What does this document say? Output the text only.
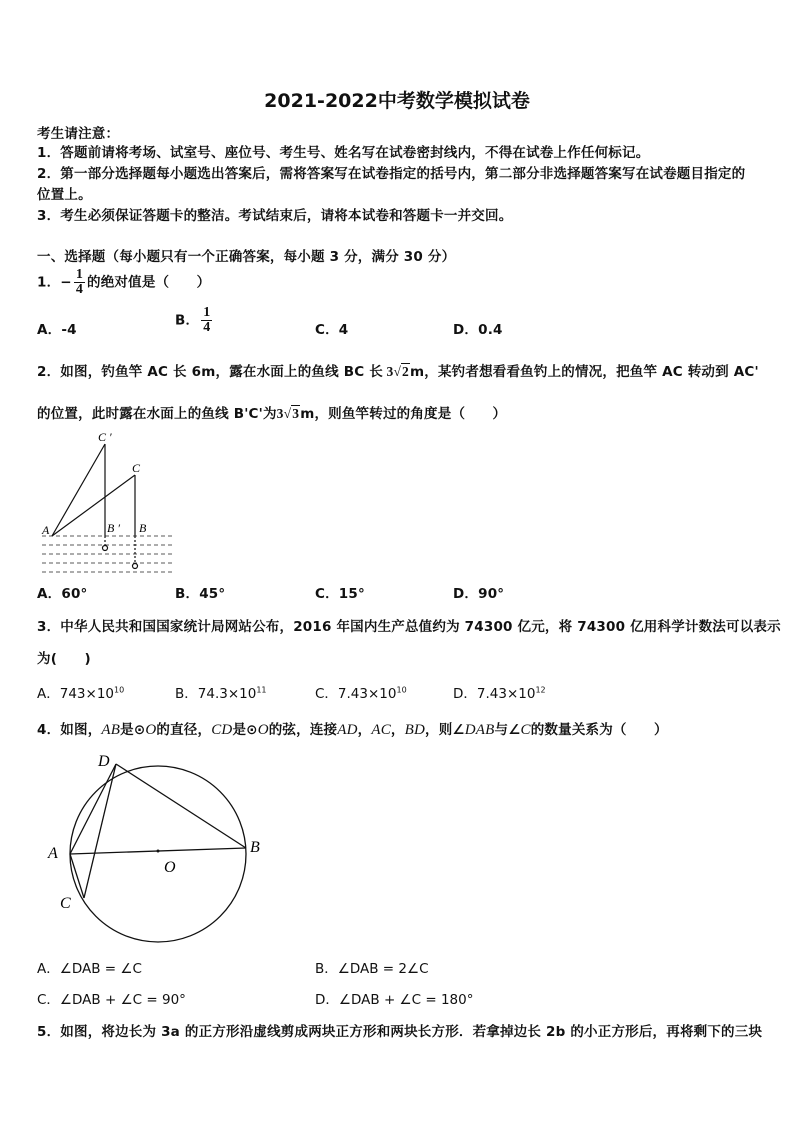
2021-2022中考数学模拟试卷
考生请注意：
1．答题前请将考场、试室号、座位号、考生号、姓名写在试卷密封线内，不得在试卷上作任何标记。
2．第一部分选择题每小题选出答案后，需将答案写在试卷指定的括号内，第二部分非选择题答案写在试卷题目指定的
位置上。
3．考生必须保证答题卡的整洁。考试结束后，请将本试卷和答题卡一并交回。
一、选择题（每小题只有一个正确答案，每小题 3 分，满分 30 分）
1．− $\frac{1}{4}$ 的绝对值是（　　）
A．-4
B． $\frac{1}{4}$	C．4	D．0.4
2．如图，钓鱼竿 AC 长 6m，露在水面上的鱼线 BC 长 3√2m，某钓者想看看鱼钓上的情况，把鱼竿 AC 转动到 AC'
的位置，此时露在水面上的鱼线 B'C'为3√3m，则鱼竿转过的角度是（　　）
C ′
C
A	B ′ B
A．60°	B．45°	C．15°	D．90°
3．中华人民共和国国家统计局网站公布，2016 年国内生产总值约为 74300 亿元，将 74300 亿用科学计数法可以表示
为(　　)
A．$743\times 10^{10}$	B．$74.3\times 10^{11}$	C．$7.43\times 10^{10}$	D．$7.43\times 10^{12}$
4．如图，AB是⊙O的直径，CD是⊙O的弦，连接AD，AC，BD，则∠DAB与∠C的数量关系为（　　）
D
A	B
O
C
A．∠DAB = ∠C	B．∠DAB = 2∠C
C．∠DAB + ∠C = 90°	D．∠DAB + ∠C = 180°
5．如图，将边长为 3a 的正方形沿虚线剪成两块正方形和两块长方形．若拿掉边长 2b 的小正方形后，再将剩下的三块
